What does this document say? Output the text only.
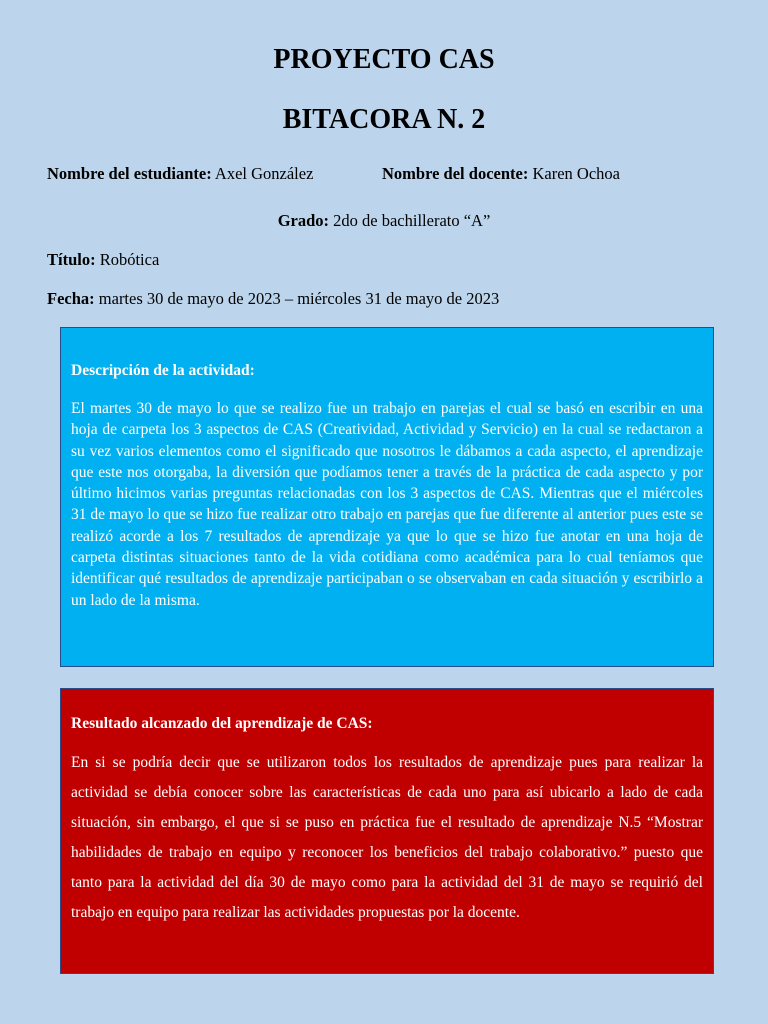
PROYECTO CAS
BITACORA N. 2
Nombre del estudiante: Axel González	Nombre del docente: Karen Ochoa
Grado: 2do de bachillerato “A”
Título: Robótica
Fecha: martes 30 de mayo de 2023 – miércoles 31 de mayo de 2023
Descripción de la actividad:

El martes 30 de mayo lo que se realizo fue un trabajo en parejas el cual se basó en escribir en una hoja de carpeta los 3 aspectos de CAS (Creatividad, Actividad y Servicio) en la cual se redactaron a su vez varios elementos como el significado que nosotros le dábamos a cada aspecto, el aprendizaje que este nos otorgaba, la diversión que podíamos tener a través de la práctica de cada aspecto y por último hicimos varias preguntas relacionadas con los 3 aspectos de CAS. Mientras que el miércoles 31 de mayo lo que se hizo fue realizar otro trabajo en parejas que fue diferente al anterior pues este se realizó acorde a los 7 resultados de aprendizaje ya que lo que se hizo fue anotar en una hoja de carpeta distintas situaciones tanto de la vida cotidiana como académica para lo cual teníamos que identificar qué resultados de aprendizaje participaban o se observaban en cada situación y escribirlo a un lado de la misma.

Resultado alcanzado del aprendizaje de CAS:

En si se podría decir que se utilizaron todos los resultados de aprendizaje pues para realizar la actividad se debía conocer sobre las características de cada uno para así ubicarlo a lado de cada situación, sin embargo, el que si se puso en práctica fue el resultado de aprendizaje N.5 “Mostrar habilidades de trabajo en equipo y reconocer los beneficios del trabajo colaborativo.” puesto que tanto para la actividad del día 30 de mayo como para la actividad del 31 de mayo se requirió del trabajo en equipo para realizar las actividades propuestas por la docente.
